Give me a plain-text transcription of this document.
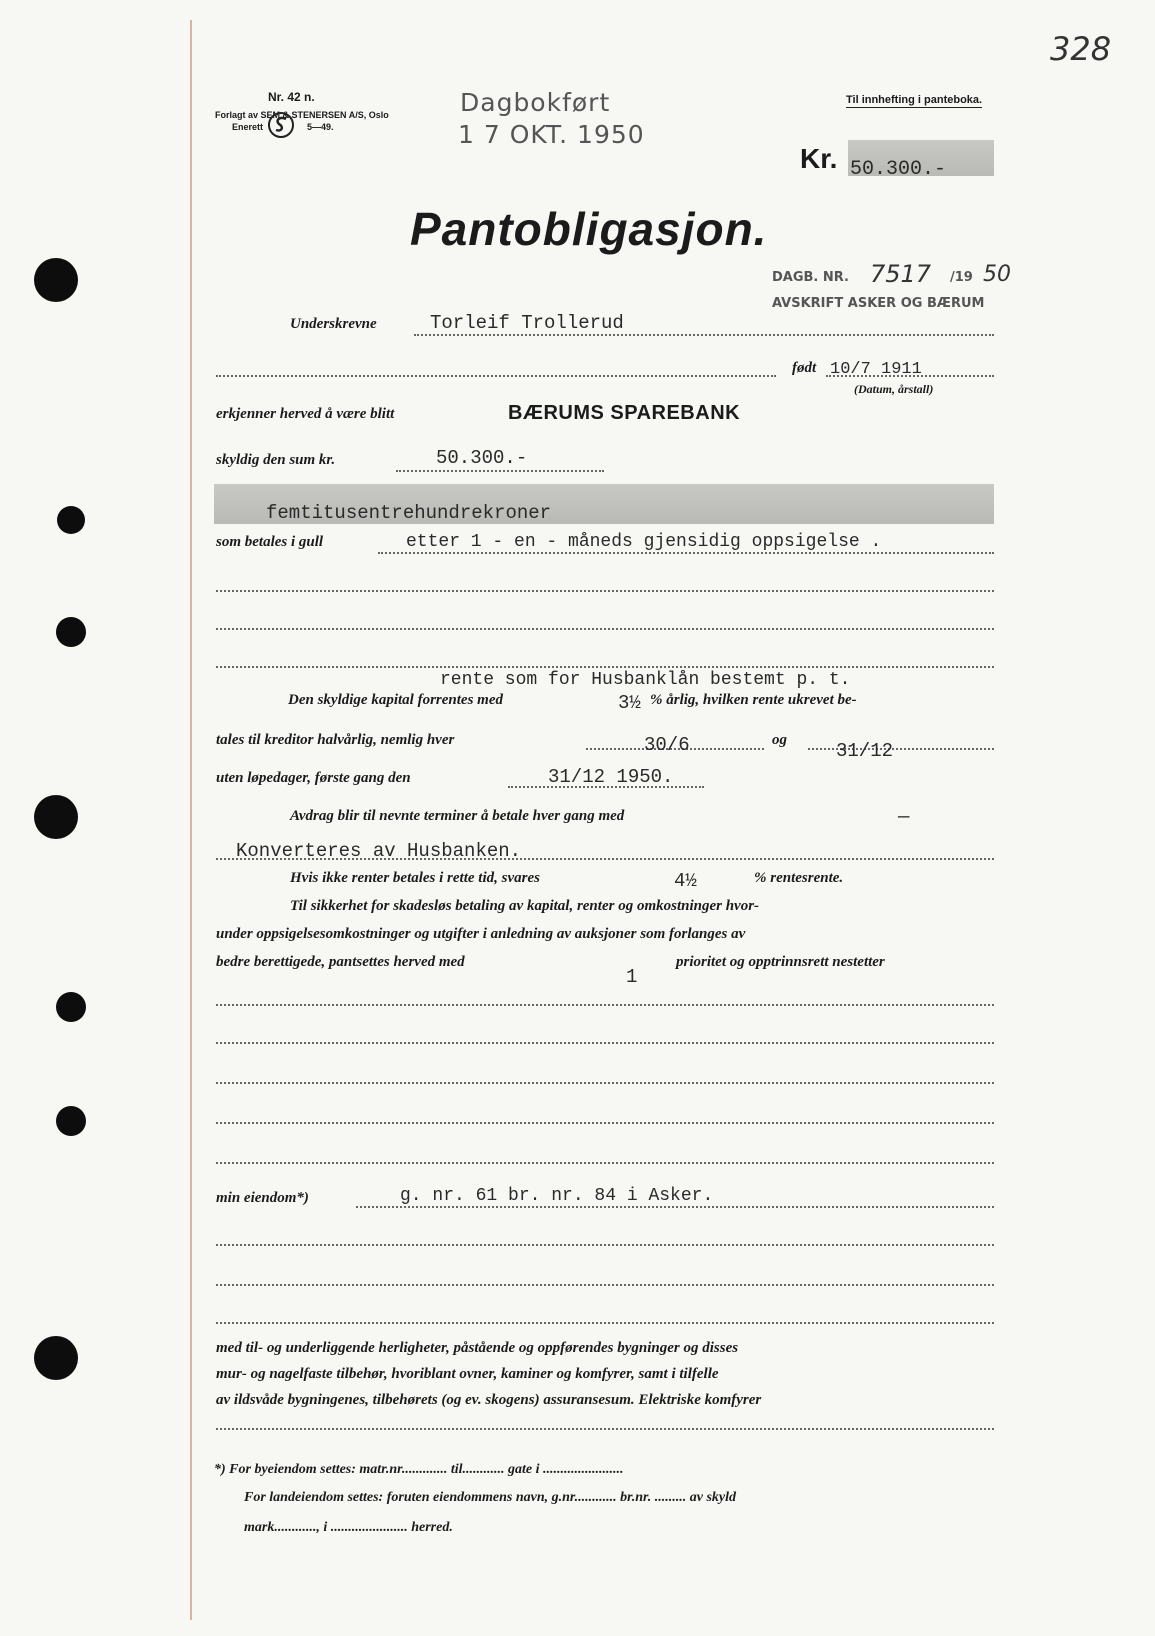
328
Nr. 42 n.
Forlagt av SEM & STENERSEN A/S, Oslo
Enerett	5—49.
Dagbokført
1 7 OKT. 1950
Til innhefting i panteboka.
Kr. 50.300.-
Pantobligasjon.
DAGB. NR. 7517 /19 50
AVSKRIFT ASKER OG BÆRUM
Underskrevne	Torleif Trollerud
født 10/7 1911
(Datum, årstall)
erkjenner herved å være blitt	BÆRUMS SPAREBANK
skyldig den sum kr.	50.300.-
femtitusentrehundrekroner
som betales i gull	etter 1 - en - måneds gjensidig oppsigelse .
rente som for Husbanklån bestemt p. t.
Den skyldige kapital forrentes med	3½ % årlig, hvilken rente ukrevet be-
tales til kreditor halvårlig, nemlig hver	30/6	og	31/12
uten løpedager, første gang den	31/12 1950.
Avdrag blir til nevnte terminer å betale hver gang med	—
Konverteres av Husbanken.
Hvis ikke renter betales i rette tid, svares	4½	% rentesrente.
Til sikkerhet for skadesløs betaling av kapital, renter og omkostninger hvor-
under oppsigelsesomkostninger og utgifter i anledning av auksjoner som forlanges av
bedre berettigede, pantsettes herved med
1
prioritet og opptrinnsrett nestetter
min eiendom*)	g. nr. 61 br. nr. 84 i Asker.
med til- og underliggende herligheter, påstående og oppførendes bygninger og disses
mur- og nagelfaste tilbehør, hvoriblant ovner, kaminer og komfyrer, samt i tilfelle
av ildsvåde bygningenes, tilbehørets (og ev. skogens) assuransesum. Elektriske komfyrer
*) For byeiendom settes: matr.nr............. til............ gate i .......................
For landeiendom settes: foruten eiendommens navn, g.nr............ br.nr. ......... av skyld
mark............, i ...................... herred.
